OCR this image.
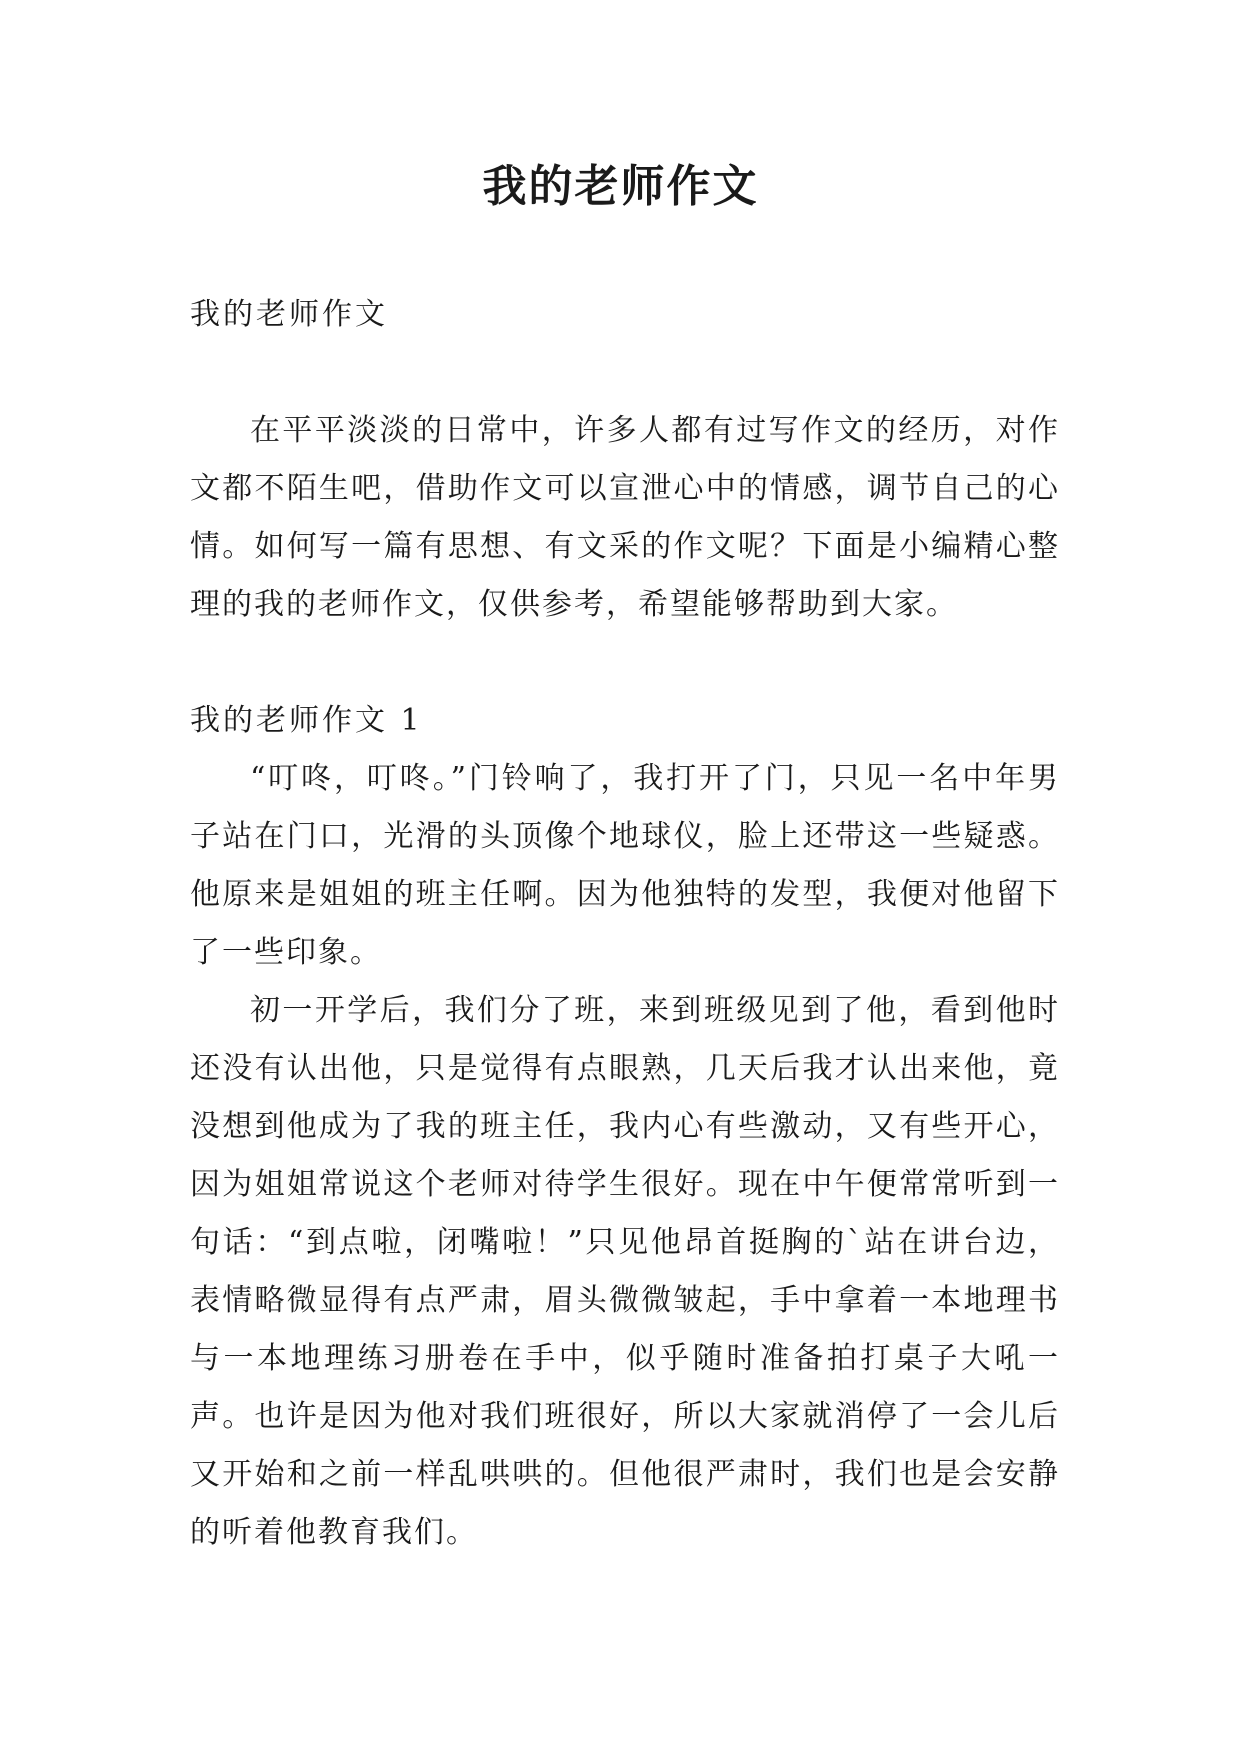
我的老师作文

我的老师作文

在平平淡淡的日常中，许多人都有过写作文的经历，对作文都不陌生吧，借助作文可以宣泄心中的情感，调节自己的心情。如何写一篇有思想、有文采的作文呢？下面是小编精心整理的我的老师作文，仅供参考，希望能够帮助到大家。

我的老师作文 1

“叮咚，叮咚。”门铃响了，我打开了门，只见一名中年男子站在门口，光滑的头顶像个地球仪，脸上还带这一些疑惑。他原来是姐姐的班主任啊。因为他独特的发型，我便对他留下了一些印象。

初一开学后，我们分了班，来到班级见到了他，看到他时还没有认出他，只是觉得有点眼熟，几天后我才认出来他，竟没想到他成为了我的班主任，我内心有些激动，又有些开心，因为姐姐常说这个老师对待学生很好。现在中午便常常听到一句话：“到点啦，闭嘴啦！”只见他昂首挺胸的`站在讲台边，表情略微显得有点严肃，眉头微微皱起，手中拿着一本地理书与一本地理练习册卷在手中，似乎随时准备拍打桌子大吼一声。也许是因为他对我们班很好，所以大家就消停了一会儿后又开始和之前一样乱哄哄的。但他很严肃时，我们也是会安静的听着他教育我们。
